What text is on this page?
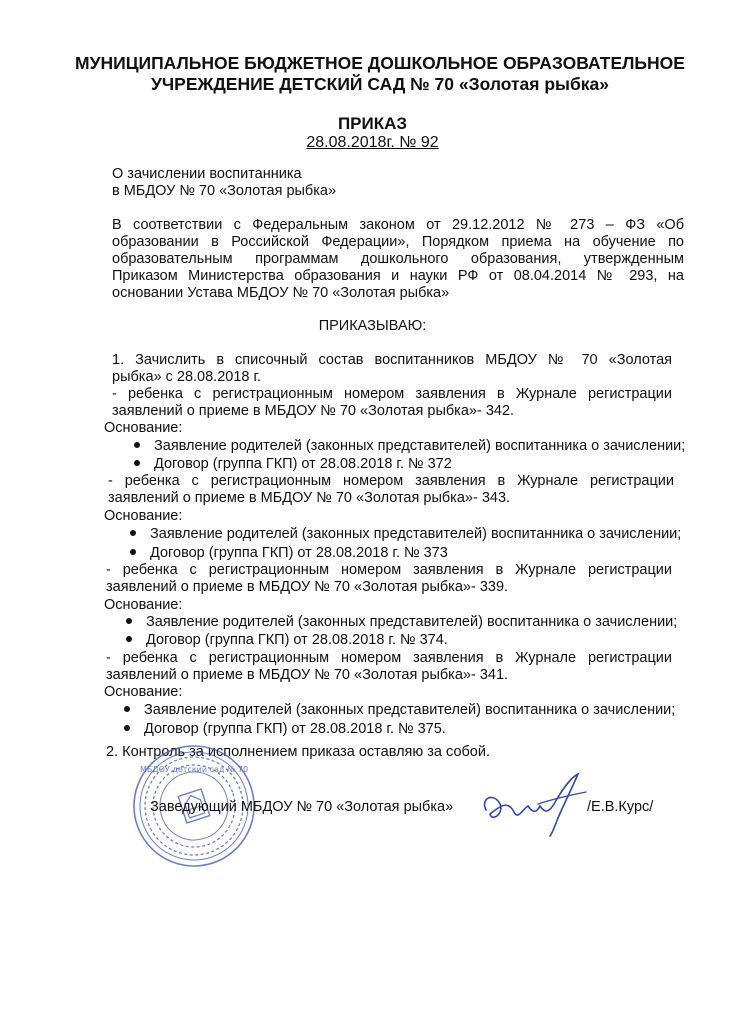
МУНИЦИПАЛЬНОЕ БЮДЖЕТНОЕ ДОШКОЛЬНОЕ ОБРАЗОВАТЕЛЬНОЕ
УЧРЕЖДЕНИЕ ДЕТСКИЙ САД № 70 «Золотая рыбка»
ПРИКАЗ
28.08.2018г. № 92
О зачислении воспитанника
в МБДОУ № 70 «Золотая рыбка»
В соответствии с Федеральным законом от 29.12.2012 № 273 – ФЗ «Об
образовании в Российской Федерации», Порядком приема на обучение по
образовательным программам дошкольного образования, утвержденным
Приказом Министерства образования и науки РФ от 08.04.2014 № 293, на
основании Устава МБДОУ № 70 «Золотая рыбка»
ПРИКАЗЫВАЮ:
1. Зачислить в списочный состав воспитанников МБДОУ № 70 «Золотая
рыбка» с 28.08.2018 г.
- ребенка с регистрационным номером заявления в Журнале регистрации
заявлений о приеме в МБДОУ № 70 «Золотая рыбка»- 342.
Основание:
Заявление родителей (законных представителей) воспитанника о зачислении;
Договор (группа ГКП) от 28.08.2018 г. № 372
- ребенка с регистрационным номером заявления в Журнале регистрации
заявлений о приеме в МБДОУ № 70 «Золотая рыбка»- 343.
Основание:
Заявление родителей (законных представителей) воспитанника о зачислении;
Договор (группа ГКП) от 28.08.2018 г. № 373
- ребенка с регистрационным номером заявления в Журнале регистрации
заявлений о приеме в МБДОУ № 70 «Золотая рыбка»- 339.
Основание:
Заявление родителей (законных представителей) воспитанника о зачислении;
Договор (группа ГКП) от 28.08.2018 г. № 374.
- ребенка с регистрационным номером заявления в Журнале регистрации
заявлений о приеме в МБДОУ № 70 «Золотая рыбка»- 341.
Основание:
Заявление родителей (законных представителей) воспитанника о зачислении;
Договор (группа ГКП) от 28.08.2018 г. № 375.
2. Контроль за исполнением приказа оставляю за собой.
МБДОУ детский сад № 70
Заведующий МБДОУ № 70 «Золотая рыбка»	/Е.В.Курс/
